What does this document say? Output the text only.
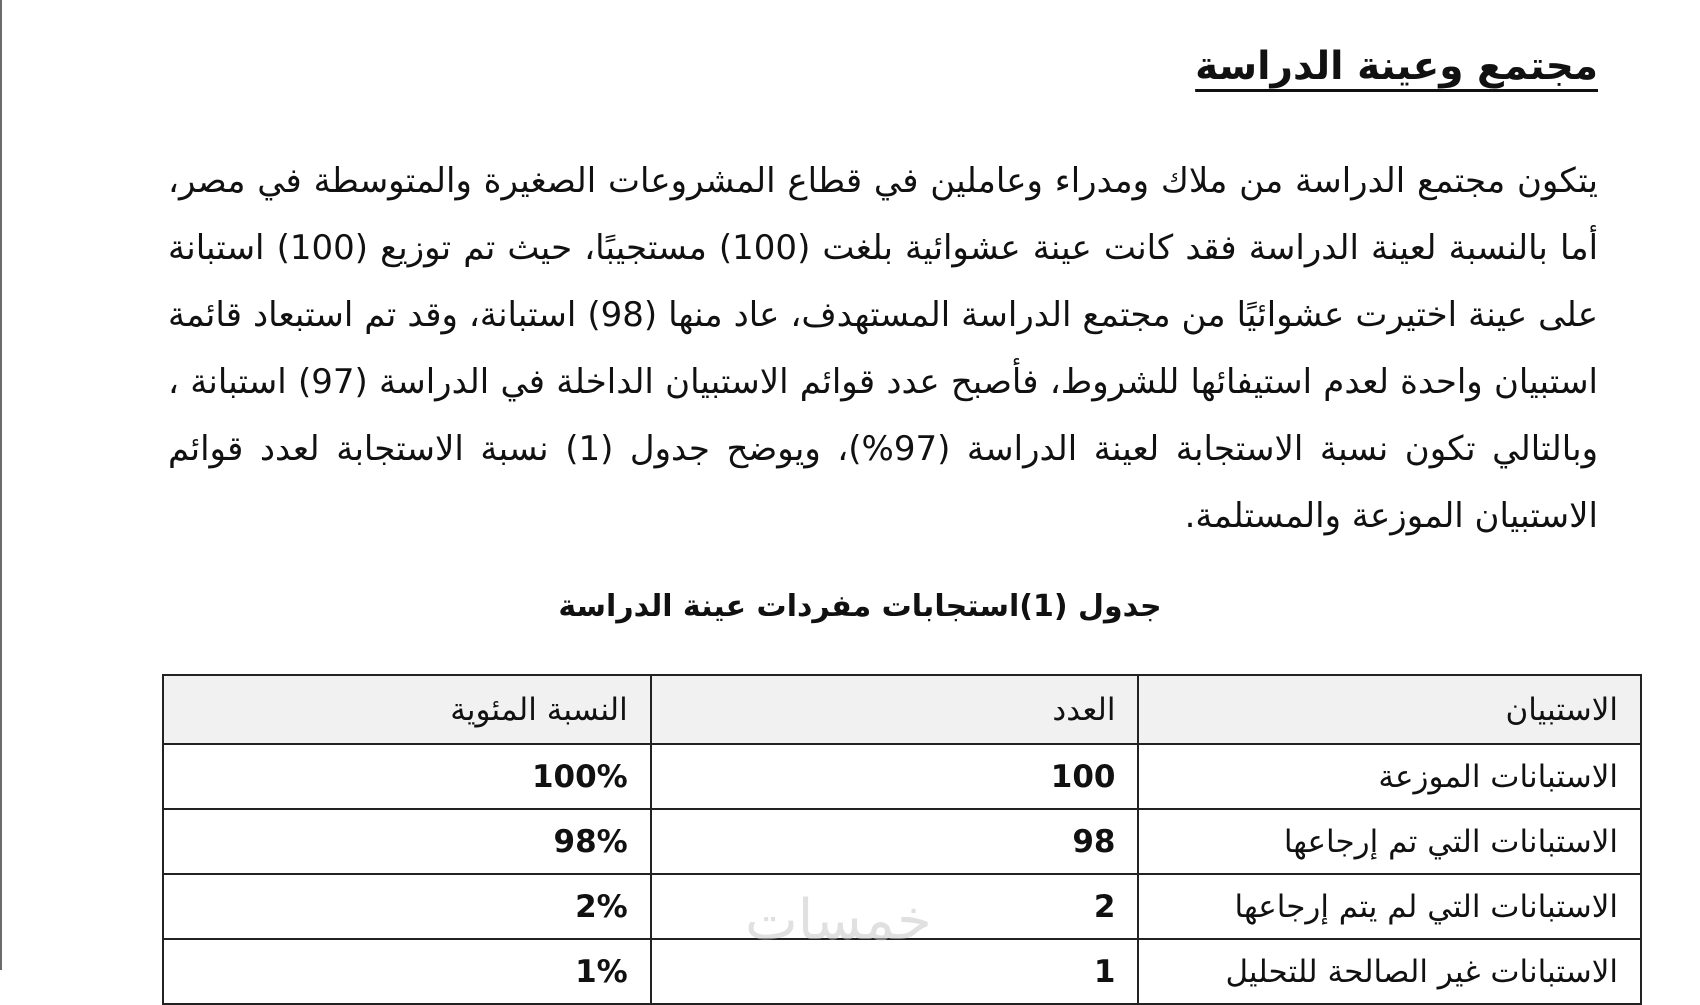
مجتمع وعينة الدراسة

يتكون مجتمع الدراسة من ملاك ومدراء وعاملين في قطاع المشروعات الصغيرة والمتوسطة في مصر، أما بالنسبة لعينة الدراسة فقد كانت عينة عشوائية بلغت (100) مستجيبًا، حيث تم توزيع (100) استبانة على عينة اختيرت عشوائيًا من مجتمع الدراسة المستهدف، عاد منها (98) استبانة، وقد تم استبعاد قائمة استبيان واحدة لعدم استيفائها للشروط، فأصبح عدد قوائم الاستبيان الداخلة في الدراسة (97) استبانة ، وبالتالي تكون نسبة الاستجابة لعينة الدراسة (97%)، ويوضح جدول (1) نسبة الاستجابة لعدد قوائم الاستبيان الموزعة والمستلمة.

جدول (1)استجابات مفردات عينة الدراسة
الاستبيان	العدد	النسبة المئوية
الاستبانات الموزعة	100	100%
الاستبانات التي تم إرجاعها	98	98%
الاستبانات التي لم يتم إرجاعها	2	2%
الاستبانات غير الصالحة للتحليل	1	1%
خمسات
